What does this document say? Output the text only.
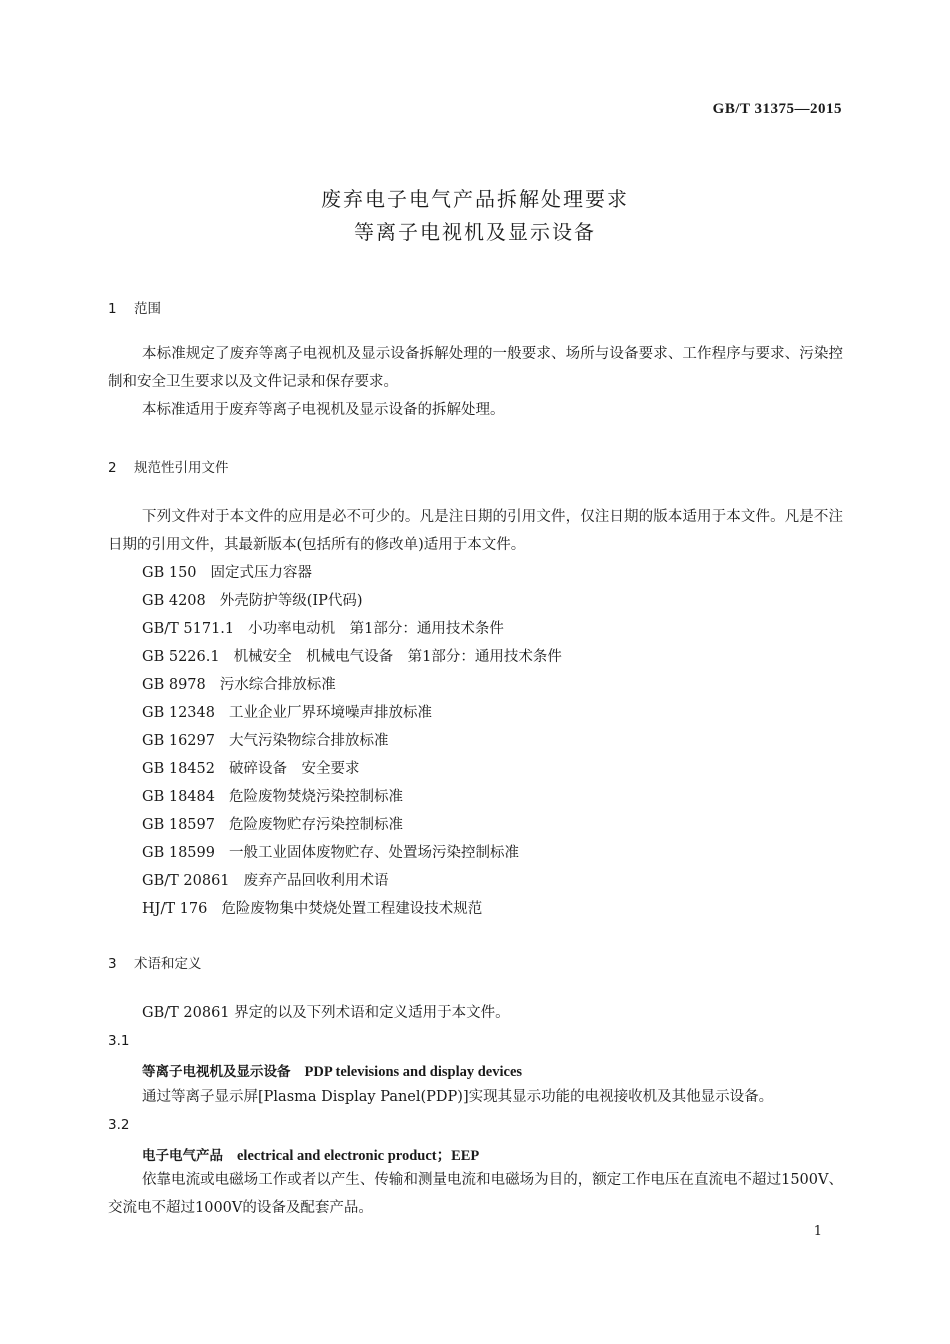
GB/T 31375—2015
废弃电子电气产品拆解处理要求
等离子电视机及显示设备
1 范围
本标准规定了废弃等离子电视机及显示设备拆解处理的一般要求、场所与设备要求、工作程序与要求、污染控制和安全卫生要求以及文件记录和保存要求。
本标准适用于废弃等离子电视机及显示设备的拆解处理。
2 规范性引用文件
下列文件对于本文件的应用是必不可少的。凡是注日期的引用文件，仅注日期的版本适用于本文件。凡是不注日期的引用文件，其最新版本(包括所有的修改单)适用于本文件。
GB 150 固定式压力容器
GB 4208 外壳防护等级(IP代码)
GB/T 5171.1 小功率电动机　第1部分：通用技术条件
GB 5226.1 机械安全　机械电气设备　第1部分：通用技术条件
GB 8978 污水综合排放标准
GB 12348 工业企业厂界环境噪声排放标准
GB 16297 大气污染物综合排放标准
GB 18452 破碎设备　安全要求
GB 18484 危险废物焚烧污染控制标准
GB 18597 危险废物贮存污染控制标准
GB 18599 一般工业固体废物贮存、处置场污染控制标准
GB/T 20861 废弃产品回收利用术语
HJ/T 176 危险废物集中焚烧处置工程建设技术规范
3 术语和定义
GB/T 20861 界定的以及下列术语和定义适用于本文件。
3.1
等离子电视机及显示设备 PDP televisions and display devices
通过等离子显示屏[Plasma Display Panel(PDP)]实现其显示功能的电视接收机及其他显示设备。
3.2
电子电气产品 electrical and electronic product；EEP
依靠电流或电磁场工作或者以产生、传输和测量电流和电磁场为目的，额定工作电压在直流电不超过1500V、交流电不超过1000V的设备及配套产品。
1
